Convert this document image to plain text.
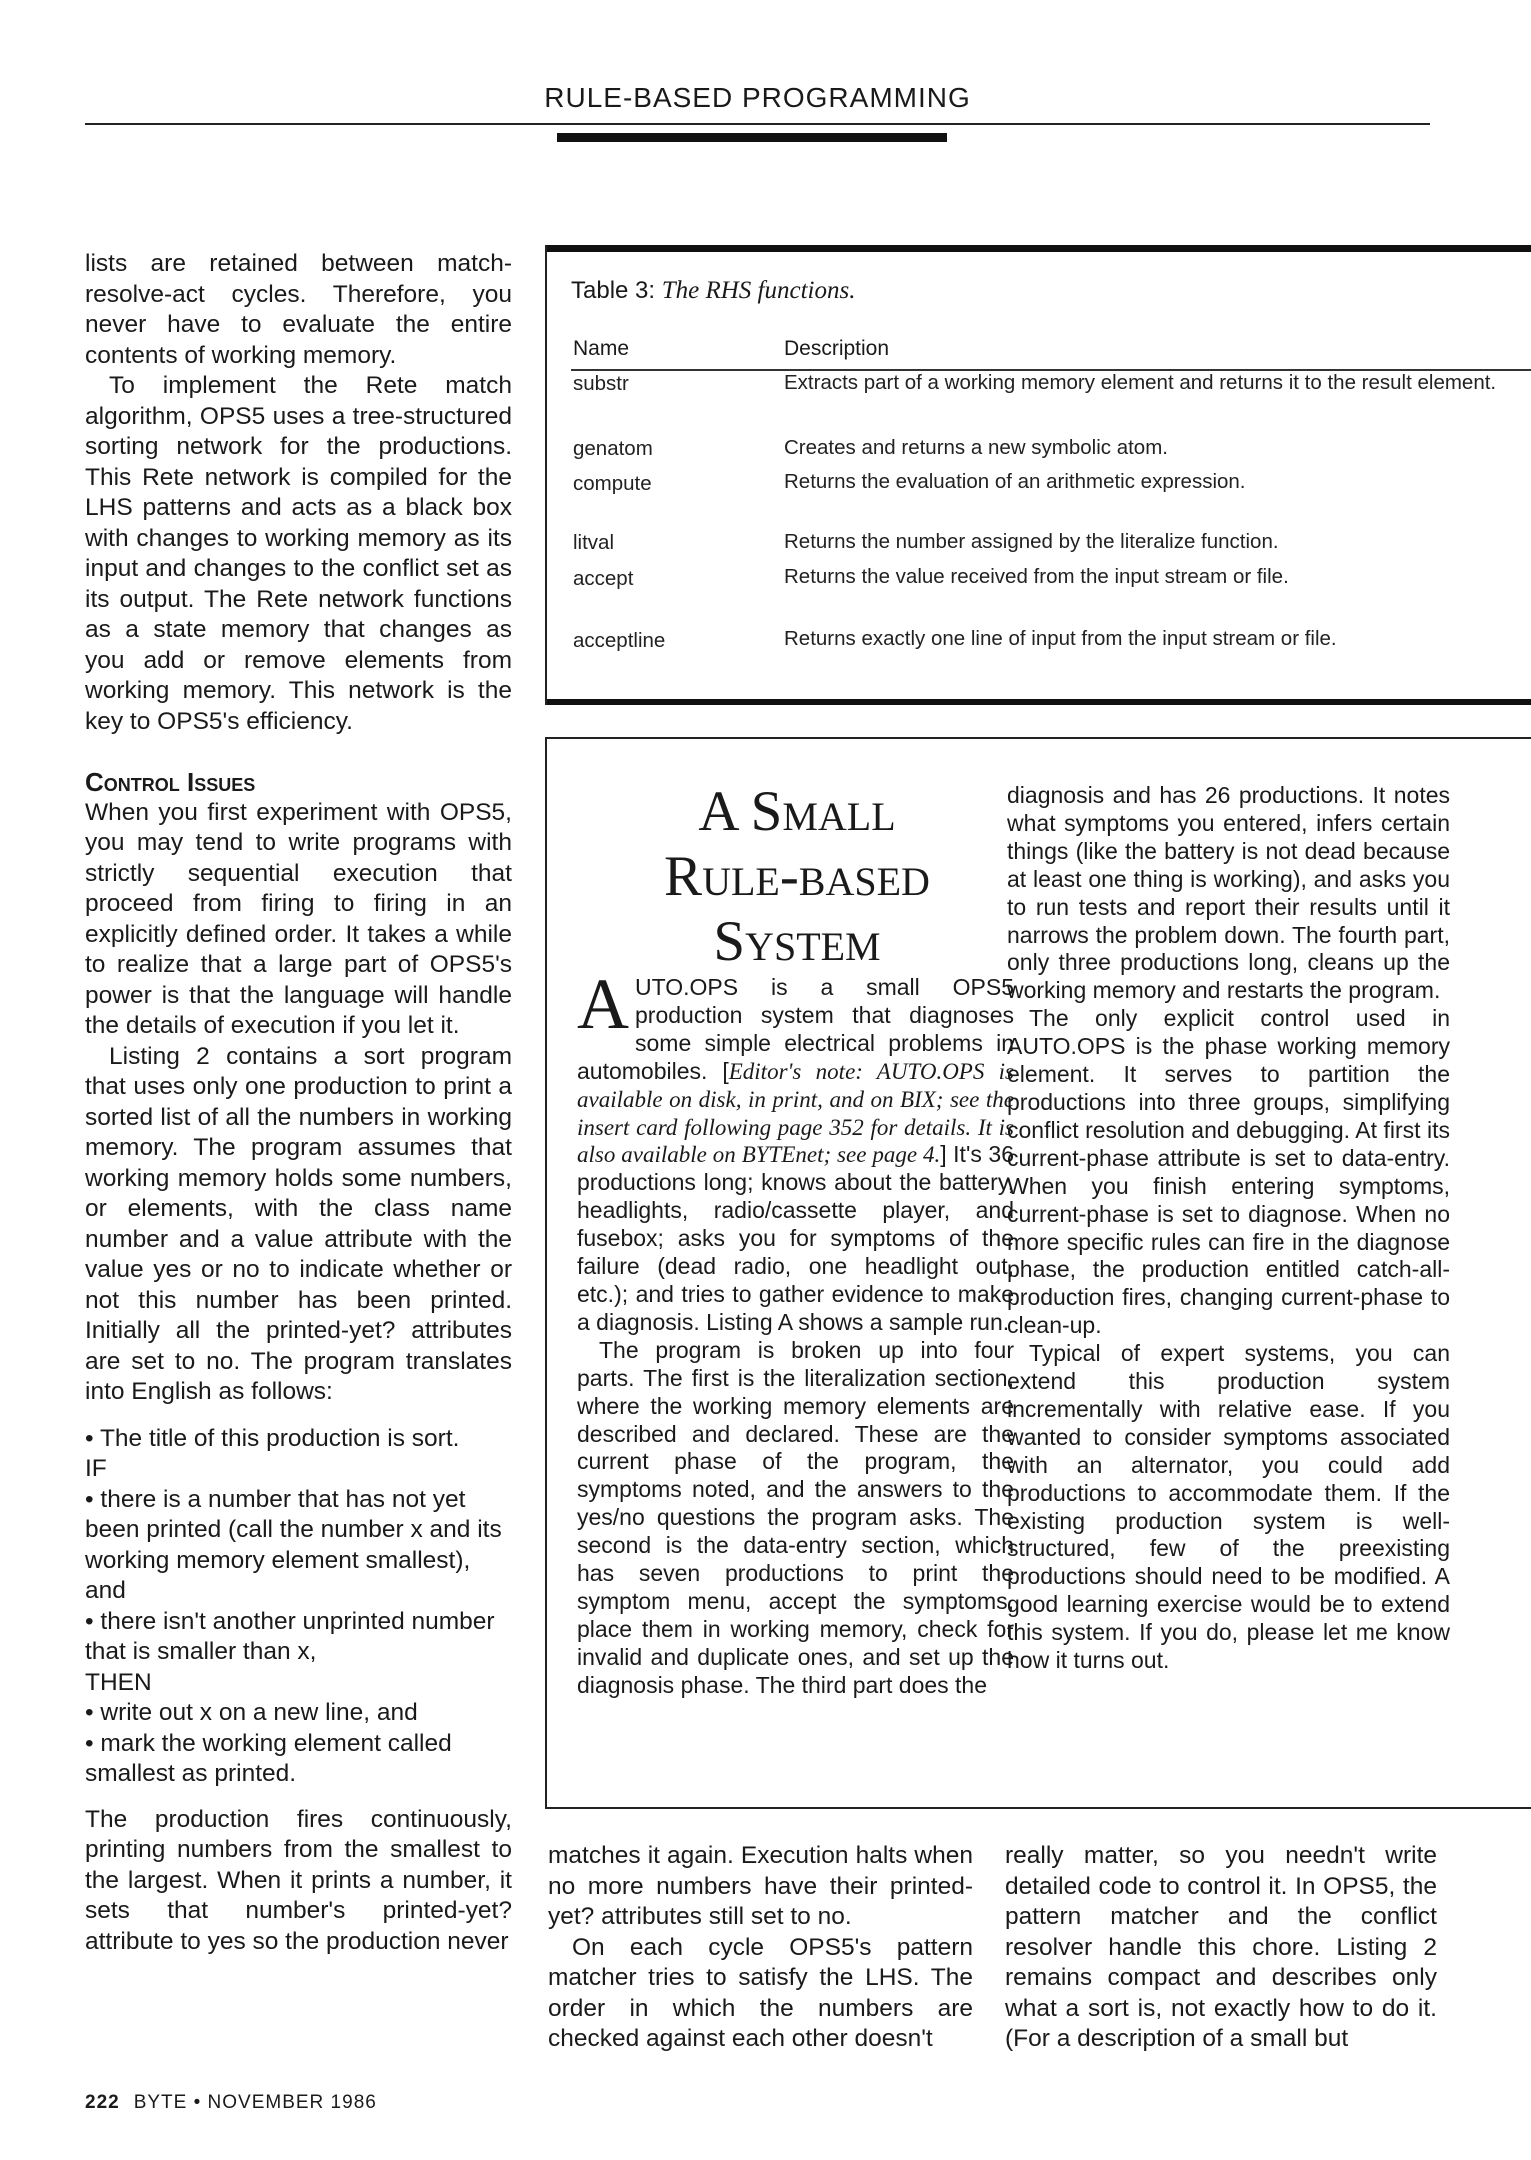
RULE-BASED PROGRAMMING

lists are retained between match-resolve-act cycles. Therefore, you never have to evaluate the entire contents of working memory.

To implement the Rete match algorithm, OPS5 uses a tree-structured sorting network for the productions. This Rete network is compiled for the LHS patterns and acts as a black box with changes to working memory as its input and changes to the conflict set as its output. The Rete network functions as a state memory that changes as you add or remove elements from working memory. This network is the key to OPS5's efficiency.

Control Issues

When you first experiment with OPS5, you may tend to write programs with strictly sequential execution that proceed from firing to firing in an explicitly defined order. It takes a while to realize that a large part of OPS5's power is that the language will handle the details of execution if you let it.

Listing 2 contains a sort program that uses only one production to print a sorted list of all the numbers in working memory. The program assumes that working memory holds some numbers, or elements, with the class name number and a value attribute with the value yes or no to indicate whether or not this number has been printed. Initially all the printed-yet? attributes are set to no. The program translates into English as follows:

• The title of this production is sort.

IF

• there is a number that has not yet been printed (call the number x and its working memory element smallest), and

• there isn't another unprinted number that is smaller than x,

THEN

• write out x on a new line, and

• mark the working element called smallest as printed.

The production fires continuously, printing numbers from the smallest to the largest. When it prints a number, it sets that number's printed-yet? attribute to yes so the production never

Table 3: The RHS functions.
Name	Description
substr	Extracts part of a working memory element and returns it to the result element.
genatom	Creates and returns a new symbolic atom.
compute	Returns the evaluation of an arithmetic expression.
litval	Returns the number assigned by the literalize function.
accept	Returns the value received from the input stream or file.
acceptline	Returns exactly one line of input from the input stream or file.
A Small
Rule-based
System

AUTO.OPS is a small OPS5 production system that diagnoses some simple electrical problems in automobiles. [Editor's note: AUTO.OPS is available on disk, in print, and on BIX; see the insert card following page 352 for details. It is also available on BYTEnet; see page 4.] It's 36 productions long; knows about the battery, headlights, radio/cassette player, and fusebox; asks you for symptoms of the failure (dead radio, one headlight out, etc.); and tries to gather evidence to make a diagnosis. Listing A shows a sample run.

The program is broken up into four parts. The first is the literalization section, where the working memory elements are described and declared. These are the current phase of the program, the symptoms noted, and the answers to the yes/no questions the program asks. The second is the data-entry section, which has seven productions to print the symptom menu, accept the symptoms, place them in working memory, check for invalid and duplicate ones, and set up the diagnosis phase. The third part does the

diagnosis and has 26 productions. It notes what symptoms you entered, infers certain things (like the battery is not dead because at least one thing is working), and asks you to run tests and report their results until it narrows the problem down. The fourth part, only three productions long, cleans up the working memory and restarts the program.

The only explicit control used in AUTO.OPS is the phase working memory element. It serves to partition the productions into three groups, simplifying conflict resolution and debugging. At first its current-phase attribute is set to data-entry. When you finish entering symptoms, current-phase is set to diagnose. When no more specific rules can fire in the diagnose phase, the production entitled catch-all-production fires, changing current-phase to clean-up.

Typical of expert systems, you can extend this production system incrementally with relative ease. If you wanted to consider symptoms associated with an alternator, you could add productions to accommodate them. If the existing production system is well-structured, few of the preexisting productions should need to be modified. A good learning exercise would be to extend this system. If you do, please let me know how it turns out.

matches it again. Execution halts when no more numbers have their printed-yet? attributes still set to no.

On each cycle OPS5's pattern matcher tries to satisfy the LHS. The order in which the numbers are checked against each other doesn't

really matter, so you needn't write detailed code to control it. In OPS5, the pattern matcher and the conflict resolver handle this chore. Listing 2 remains compact and describes only what a sort is, not exactly how to do it. (For a description of a small but

222 BYTE • NOVEMBER 1986
